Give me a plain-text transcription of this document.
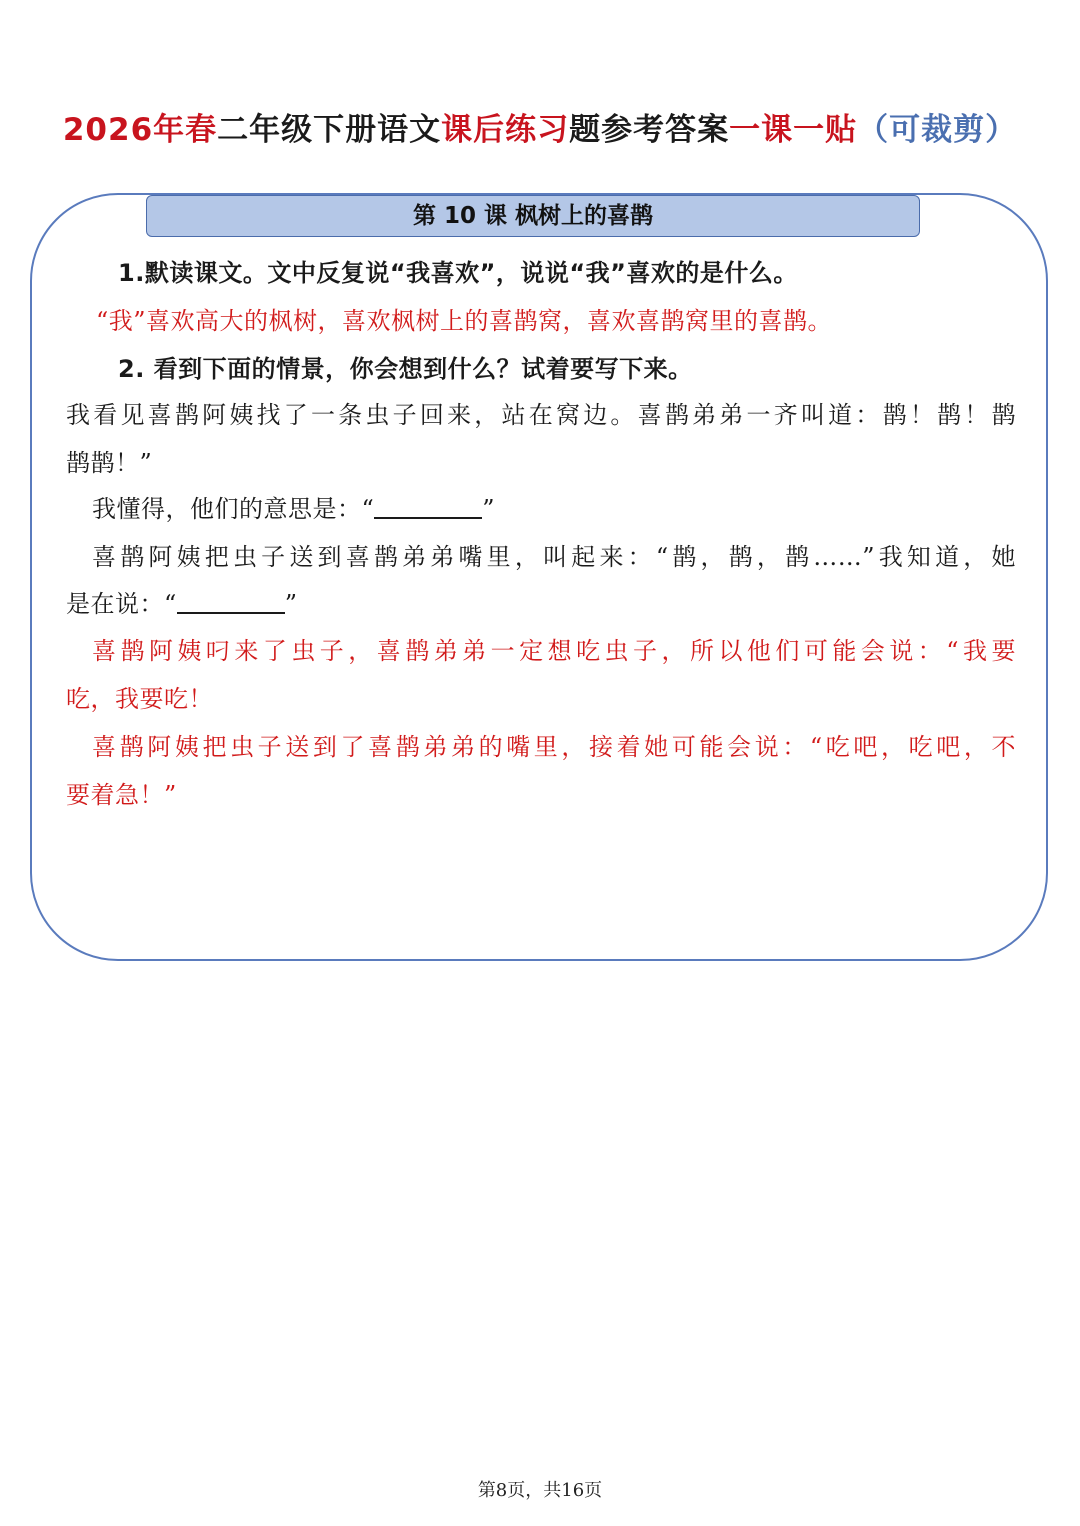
2026年春二年级下册语文课后练习题参考答案一课一贴（可裁剪）
第 10 课 枫树上的喜鹊
1.默读课文。文中反复说“我喜欢”，说说“我”喜欢的是什么。
“我”喜欢高大的枫树，喜欢枫树上的喜鹊窝，喜欢喜鹊窝里的喜鹊。
2. 看到下面的情景，你会想到什么？试着要写下来。
我看见喜鹊阿姨找了一条虫子回来，站在窝边。喜鹊弟弟一齐叫道：鹊！鹊！鹊
鹊鹊！”
我懂得，他们的意思是：“	”
喜鹊阿姨把虫子送到喜鹊弟弟嘴里，叫起来：“鹊，鹊，鹊……”我知道，她
是在说：“	”
喜鹊阿姨叼来了虫子，喜鹊弟弟一定想吃虫子，所以他们可能会说：“我要
吃，我要吃！
喜鹊阿姨把虫子送到了喜鹊弟弟的嘴里，接着她可能会说：“吃吧，吃吧，不
要着急！”
第8页，共16页
